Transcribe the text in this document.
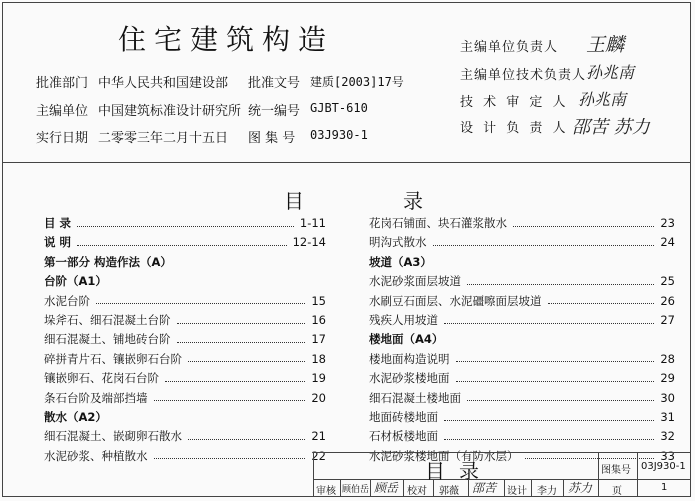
住宅建筑构造
批准部门 中华人民共和国建设部 批准文号 建质[2003]17号
主编单位 中国建筑标准设计研究所 统一编号 GJBT-610
实行日期 二零零三年二月十五日 图 集 号 03J930-1
主编单位负责人 王麟
主编单位技术负责人 孙兆南
技 术 审 定 人 孙兆南
设 计 负 责 人 邵苦 苏力
目	录
目 录	1-11
说 明	12-14
第一部分 构造作法（A）
台阶（A1）
水泥台阶	15
垛斧石、细石混凝土台阶	16
细石混凝土、铺地砖台阶	17
碎拼青片石、镶嵌卵石台阶	18
镶嵌卵石、花岗石台阶	19
条石台阶及端部挡墙	20
散水（A2）
细石混凝土、嵌砌卵石散水	21
水泥砂浆、种植散水	22
花岗石铺面、块石灌浆散水	23
明沟式散水	24
坡道（A3）
水泥砂浆面层坡道	25
水刷豆石面层、水泥礓嚓面层坡道	26
残疾人用坡道	27
楼地面（A4）
楼地面构造说明	28
水泥砂浆楼地面	29
细石混凝土楼地面	30
地面砖楼地面	31
石材板楼地面	32
水泥砂浆楼地面（有防水层）	33
目录	图集号 03J930-1
审核 顾伯岳 顾岳 校对 郭薇 邵苦 设计 李力 苏力 页	1
